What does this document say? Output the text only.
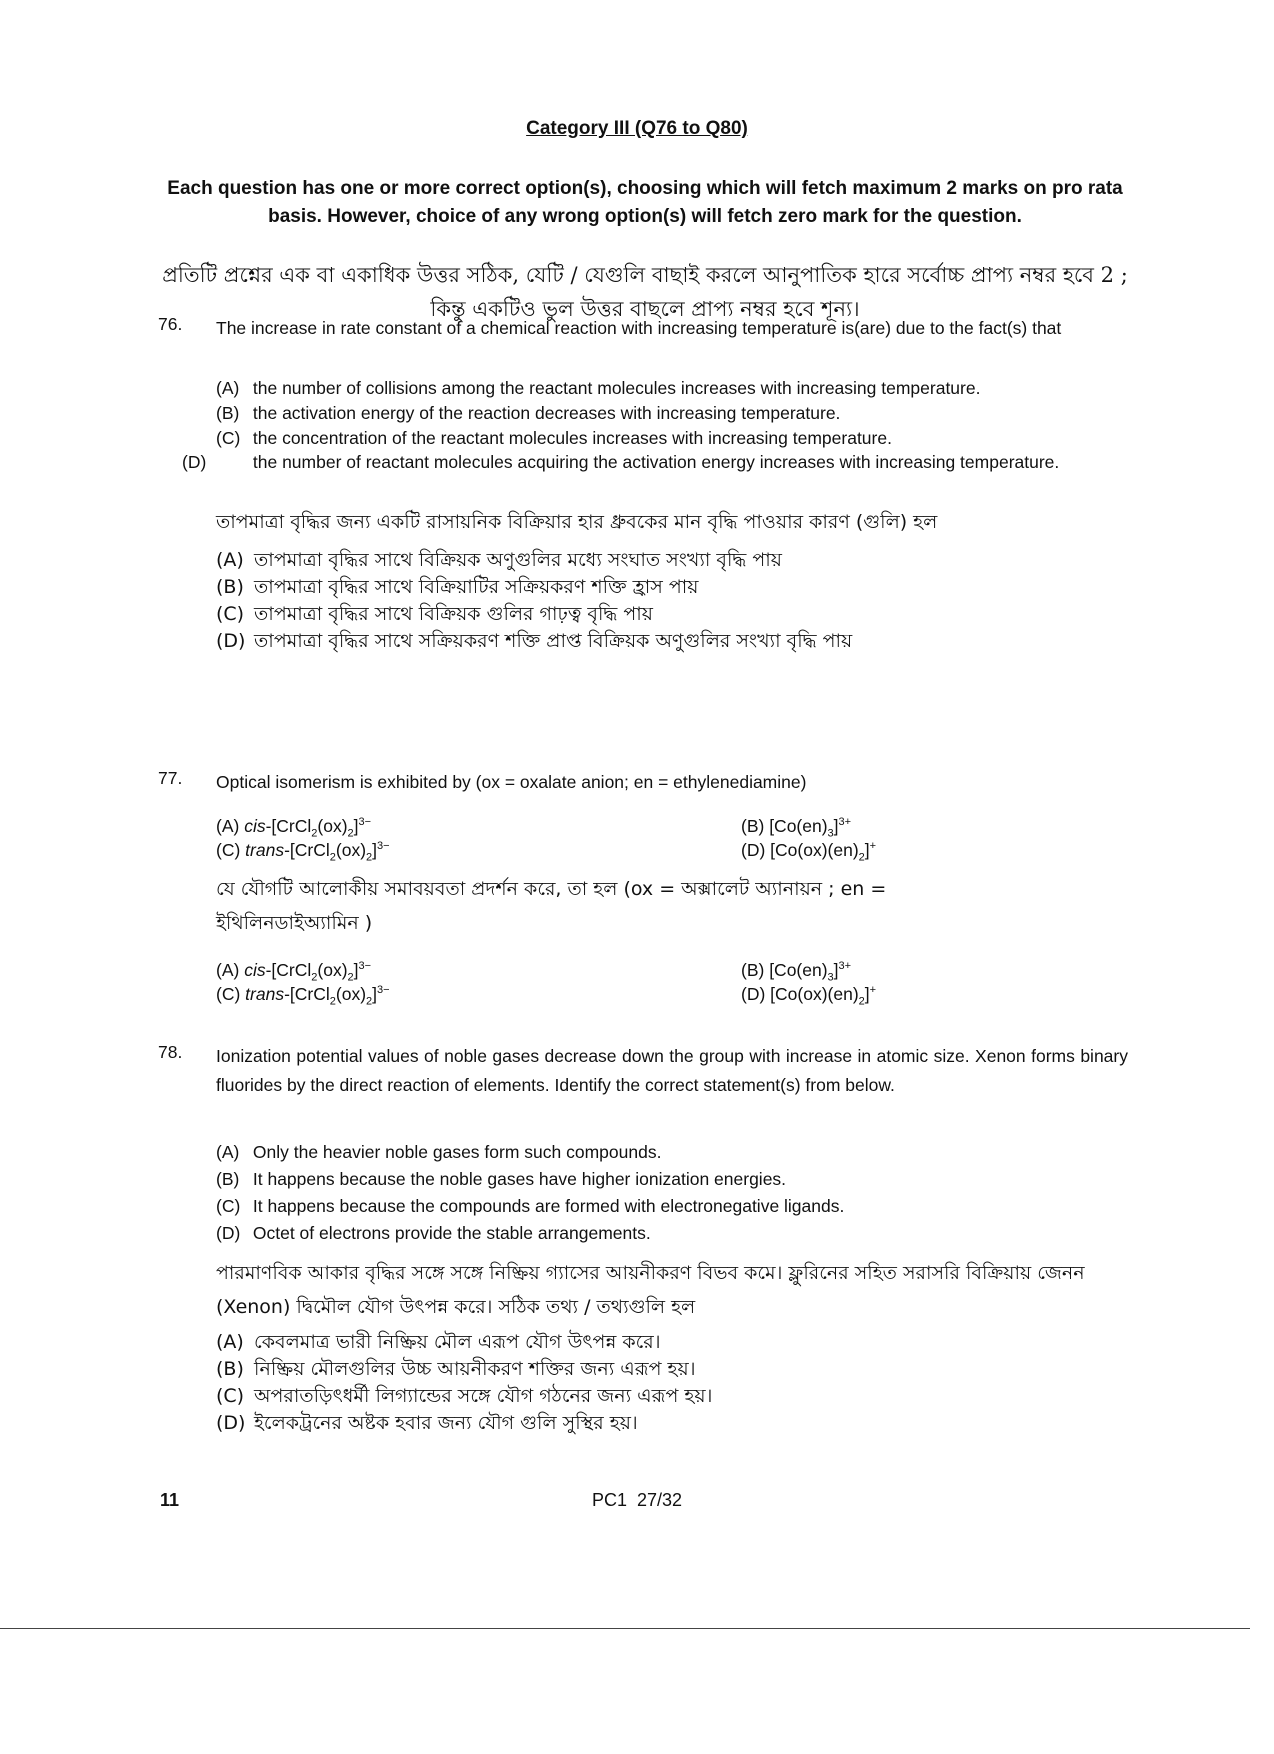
Category III (Q76 to Q80)
Each question has one or more correct option(s), choosing which will fetch maximum 2 marks on pro rata basis. However, choice of any wrong option(s) will fetch zero mark for the question.
প্রতিটি প্রশ্নের এক বা একাধিক উত্তর সঠিক, যেটি / যেগুলি বাছাই করলে আনুপাতিক হারে সর্বোচ্চ প্রাপ্য নম্বর হবে 2 ; কিন্তু একটিও ভুল উত্তর বাছলে প্রাপ্য নম্বর হবে শূন্য।
76. The increase in rate constant of a chemical reaction with increasing temperature is(are) due to the fact(s) that
(A) the number of collisions among the reactant molecules increases with increasing temperature.
(B) the activation energy of the reaction decreases with increasing temperature.
(C) the concentration of the reactant molecules increases with increasing temperature.
(D)	the number of reactant molecules acquiring the activation energy increases with increasing temperature.
তাপমাত্রা বৃদ্ধির জন্য একটি রাসায়নিক বিক্রিয়ার হার ধ্রুবকের মান বৃদ্ধি পাওয়ার কারণ (গুলি) হল
(A) তাপমাত্রা বৃদ্ধির সাথে বিক্রিয়ক অণুগুলির মধ্যে সংঘাত সংখ্যা বৃদ্ধি পায়
(B) তাপমাত্রা বৃদ্ধির সাথে বিক্রিয়াটির সক্রিয়করণ শক্তি হ্রাস পায়
(C) তাপমাত্রা বৃদ্ধির সাথে বিক্রিয়ক গুলির গাঢ়ত্ব বৃদ্ধি পায়
(D) তাপমাত্রা বৃদ্ধির সাথে সক্রিয়করণ শক্তি প্রাপ্ত বিক্রিয়ক অণুগুলির সংখ্যা বৃদ্ধি পায়
77. Optical isomerism is exhibited by (ox = oxalate anion; en = ethylenediamine)
(A) cis-$[CrCl_2(ox)_2]^{3-}$	(B) $[Co(en)_3]^{3+}$
(C) trans-$[CrCl_2(ox)_2]^{3-}$	(D) $[Co(ox)(en)_2]^+$
যে যৌগটি আলোকীয় সমাবয়বতা প্রদর্শন করে, তা হল (ox = অক্সালেট অ্যানায়ন ; en = ইথিলিনডাইঅ্যামিন )
(A) cis-$[CrCl_2(ox)_2]^{3-}$	(B) $[Co(en)_3]^{3+}$
(C) trans-$[CrCl_2(ox)_2]^{3-}$	(D) $[Co(ox)(en)_2]^+$
78. Ionization potential values of noble gases decrease down the group with increase in atomic size. Xenon forms binary fluorides by the direct reaction of elements. Identify the correct statement(s) from below.
(A) Only the heavier noble gases form such compounds.
(B) It happens because the noble gases have higher ionization energies.
(C) It happens because the compounds are formed with electronegative ligands.
(D) Octet of electrons provide the stable arrangements.
পারমাণবিক আকার বৃদ্ধির সঙ্গে সঙ্গে নিষ্ক্রিয় গ্যাসের আয়নীকরণ বিভব কমে। ফ্লুরিনের সহিত সরাসরি বিক্রিয়ায় জেনন (Xenon) দ্বিমৌল যৌগ উৎপন্ন করে। সঠিক তথ্য / তথ্যগুলি হল
(A) কেবলমাত্র ভারী নিষ্ক্রিয় মৌল এরূপ যৌগ উৎপন্ন করে।
(B) নিষ্ক্রিয় মৌলগুলির উচ্চ আয়নীকরণ শক্তির জন্য এরূপ হয়।
(C) অপরাতড়িৎধর্মী লিগ্যান্ডের সঙ্গে যৌগ গঠনের জন্য এরূপ হয়।
(D) ইলেকট্রনের অষ্টক হবার জন্য যৌগ গুলি সুস্থির হয়।
11	PC1 27/32
